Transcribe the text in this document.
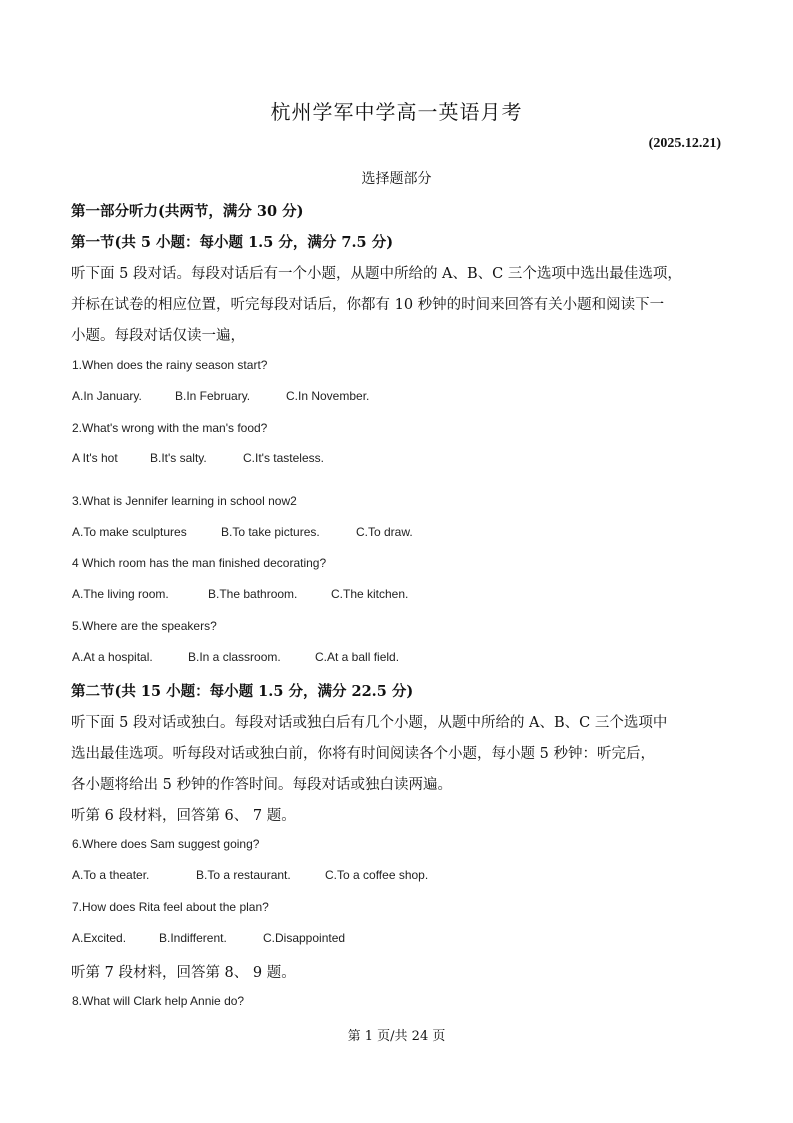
杭州学军中学高一英语月考
(2025.12.21)
选择题部分
第一部分听力(共两节，满分 30 分)
第一节(共 5 小题：每小题 1.5 分，满分 7.5 分)
听下面 5 段对话。每段对话后有一个小题，从题中所给的 A、B、C 三个选项中选出最佳选项，
并标在试卷的相应位置，听完每段对话后，你都有 10 秒钟的时间来回答有关小题和阅读下一
小题。每段对话仅读一遍，
1.When does the rainy season start?
A.In January.	B.In February.	C.In November.
2.What's wrong with the man's food?
A It's hot	B.It's salty.	C.It's tasteless.
3.What is Jennifer learning in school now2
A.To make sculptures	B.To take pictures.	C.To draw.
4 Which room has the man finished decorating?
A.The living room.	B.The bathroom.	C.The kitchen.
5.Where are the speakers?
A.At a hospital.	B.In a classroom.	C.At a ball field.
第二节(共 15 小题：每小题 1.5 分，满分 22.5 分)
听下面 5 段对话或独白。每段对话或独白后有几个小题，从题中所给的 A、B、C 三个选项中
选出最佳选项。听每段对话或独白前，你将有时间阅读各个小题，每小题 5 秒钟：听完后，
各小题将给出 5 秒钟的作答时间。每段对话或独白读两遍。
听第 6 段材料，回答第 6、 7 题。
6.Where does Sam suggest going?
A.To a theater.	B.To a restaurant.	C.To a coffee shop.
7.How does Rita feel about the plan?
A.Excited.	B.Indifferent.	C.Disappointed
听第 7 段材料，回答第 8、 9 题。
8.What will Clark help Annie do?
第 1 页/共 24 页
